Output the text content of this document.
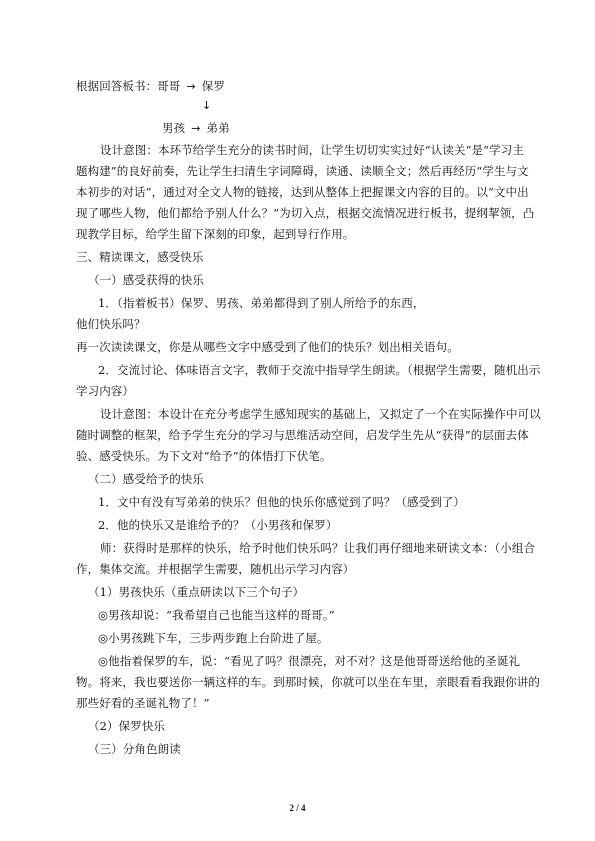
根据回答板书：哥哥 → 保罗
↓
男孩 → 弟弟
设计意图：本环节给学生充分的读书时间，让学生切切实实过好“认读关”是“学习主
题构建”的良好前奏，先让学生扫清生字词障碍，读通、读顺全文；然后再经历“学生与文
本初步的对话”，通过对全文人物的链接，达到从整体上把握课文内容的目的。以“文中出
现了哪些人物，他们都给予别人什么？”为切入点，根据交流情况进行板书，提纲挈领，凸
现教学目标，给学生留下深刻的印象，起到导行作用。
三、精读课文，感受快乐
（一）感受获得的快乐
1．（指着板书）保罗、男孩、弟弟都得到了别人所给予的东西，
他们快乐吗？
再一次读读课文，你是从哪些文字中感受到了他们的快乐？划出相关语句。
2．交流讨论、体味语言文字，教师于交流中指导学生朗读。（根据学生需要，随机出示
学习内容）
设计意图：本设计在充分考虑学生感知现实的基础上，又拟定了一个在实际操作中可以
随时调整的框架，给予学生充分的学习与思维活动空间，启发学生先从“获得”的层面去体
验、感受快乐。为下文对“给予”的体悟打下伏笔。
（二）感受给予的快乐
1．文中有没有写弟弟的快乐？但他的快乐你感觉到了吗？（感受到了）
2．他的快乐又是谁给予的？（小男孩和保罗）
师：获得时是那样的快乐，给予时他们快乐吗？让我们再仔细地来研读文本：（小组合
作，集体交流。并根据学生需要，随机出示学习内容）
（1）男孩快乐（重点研读以下三个句子）
◎男孩却说：“我希望自己也能当这样的哥哥。”
◎小男孩跳下车，三步两步跑上台阶进了屋。
◎他指着保罗的车，说：“看见了吗？很漂亮，对不对？这是他哥哥送给他的圣诞礼
物。将来，我也要送你一辆这样的车。到那时候，你就可以坐在车里，亲眼看看我跟你讲的
那些好看的圣诞礼物了！”
（2）保罗快乐
（三）分角色朗读
2 / 4
